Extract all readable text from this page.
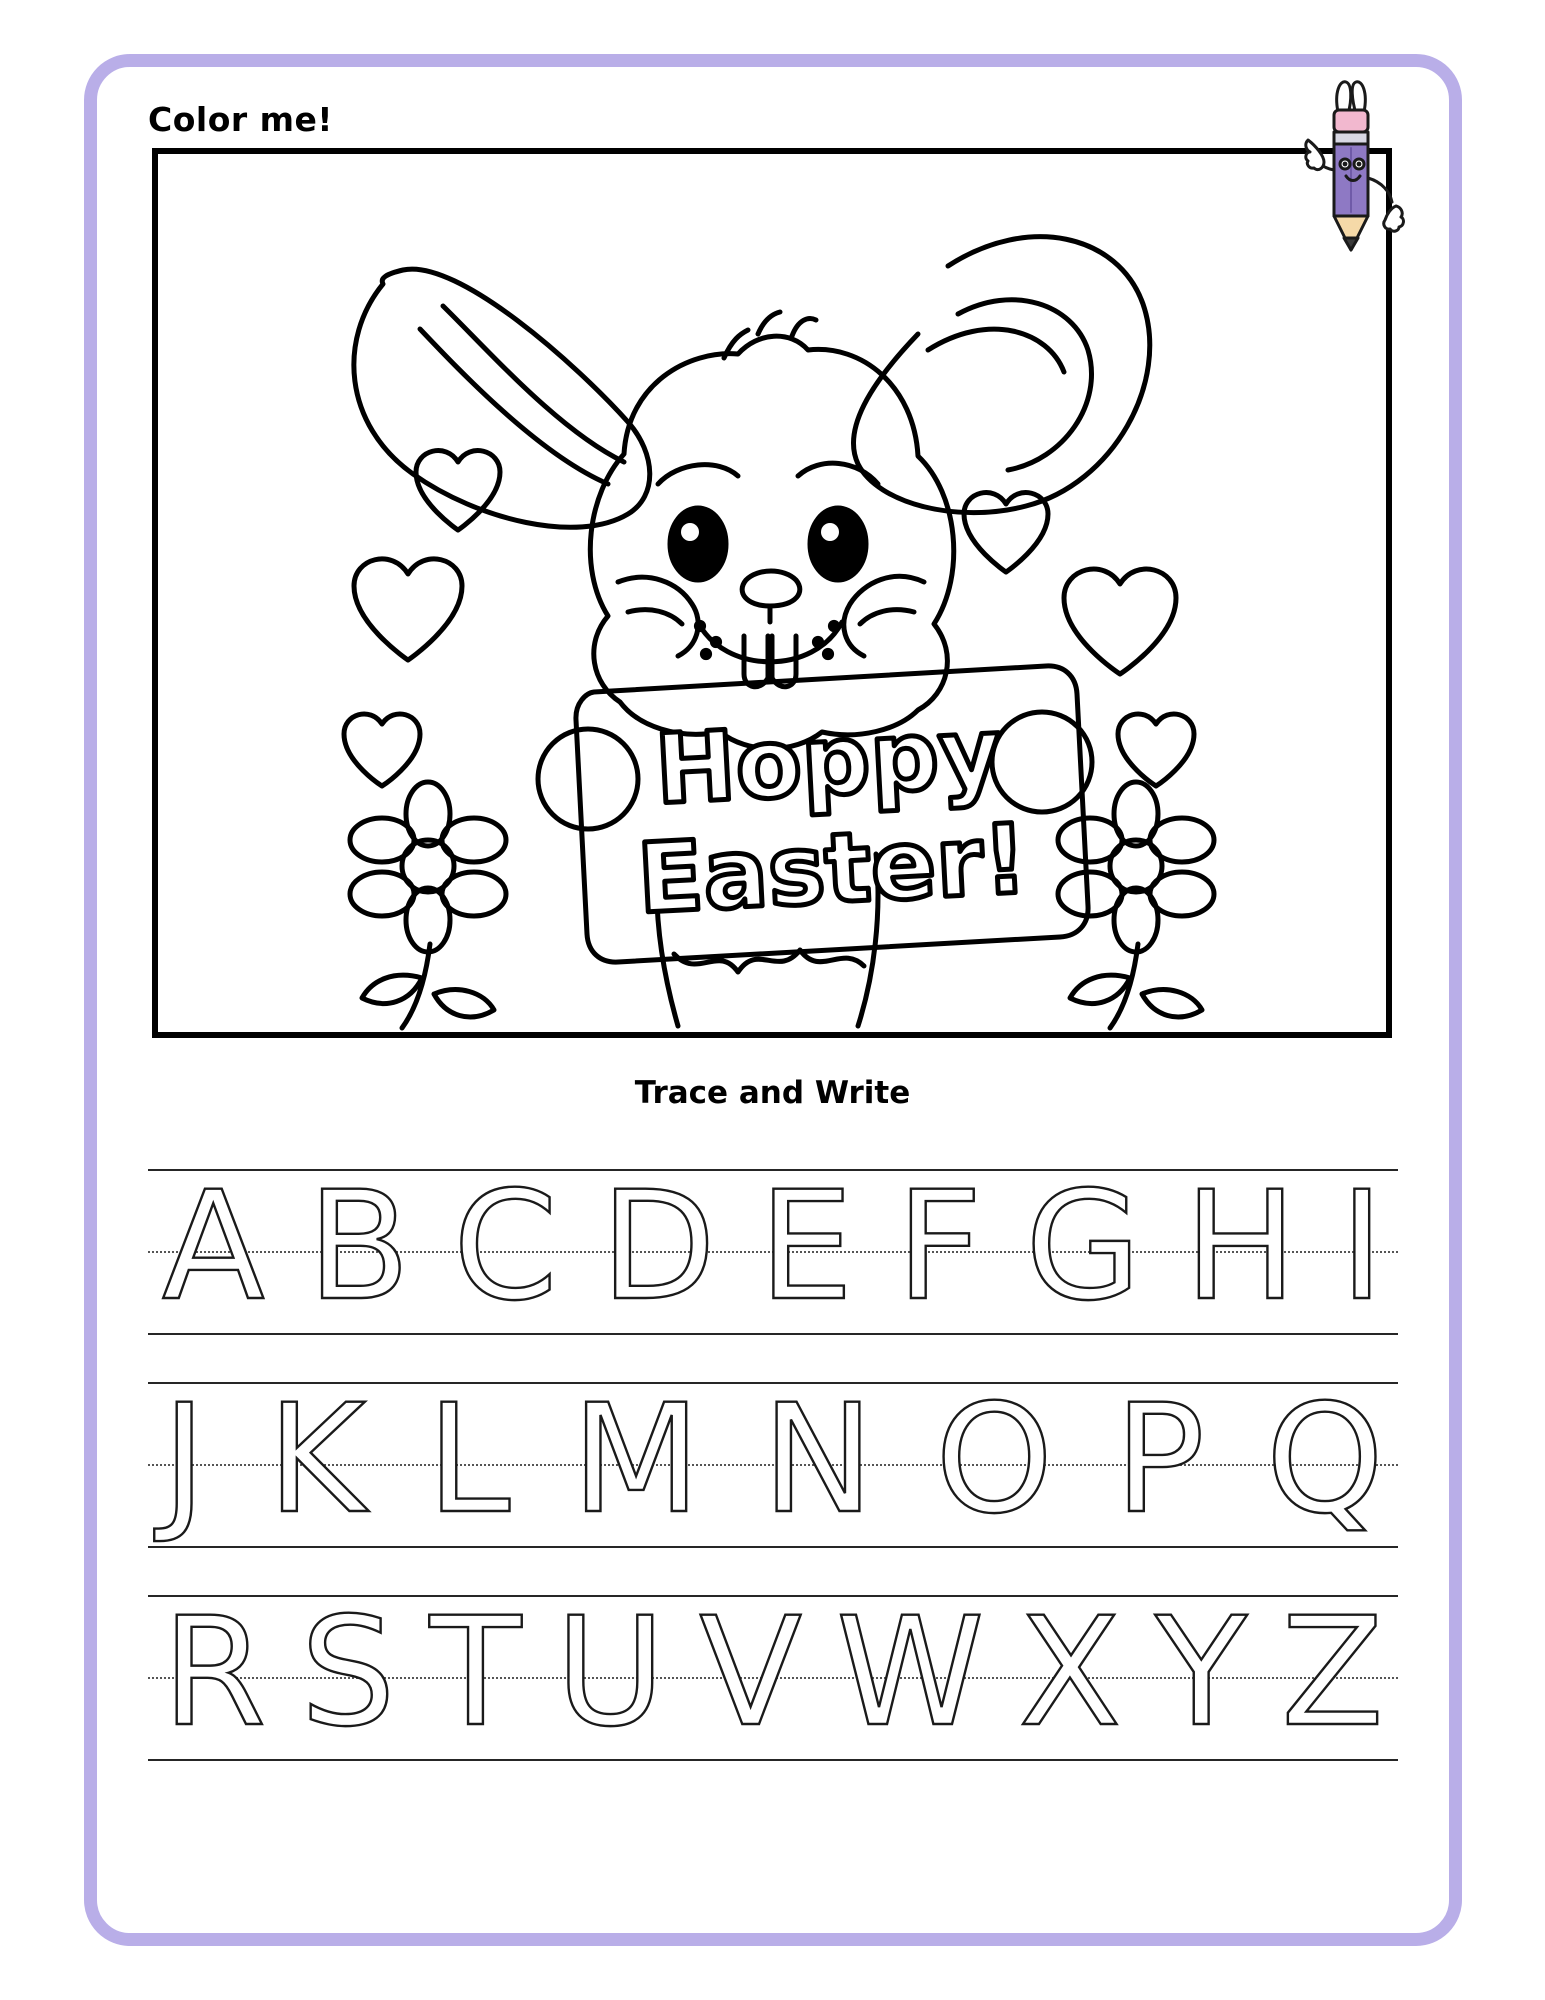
Color me!
Hoppy
Easter!
Trace and Write
A B C D E F G H I
J K L M N O P Q
R S T U V W X Y Z
